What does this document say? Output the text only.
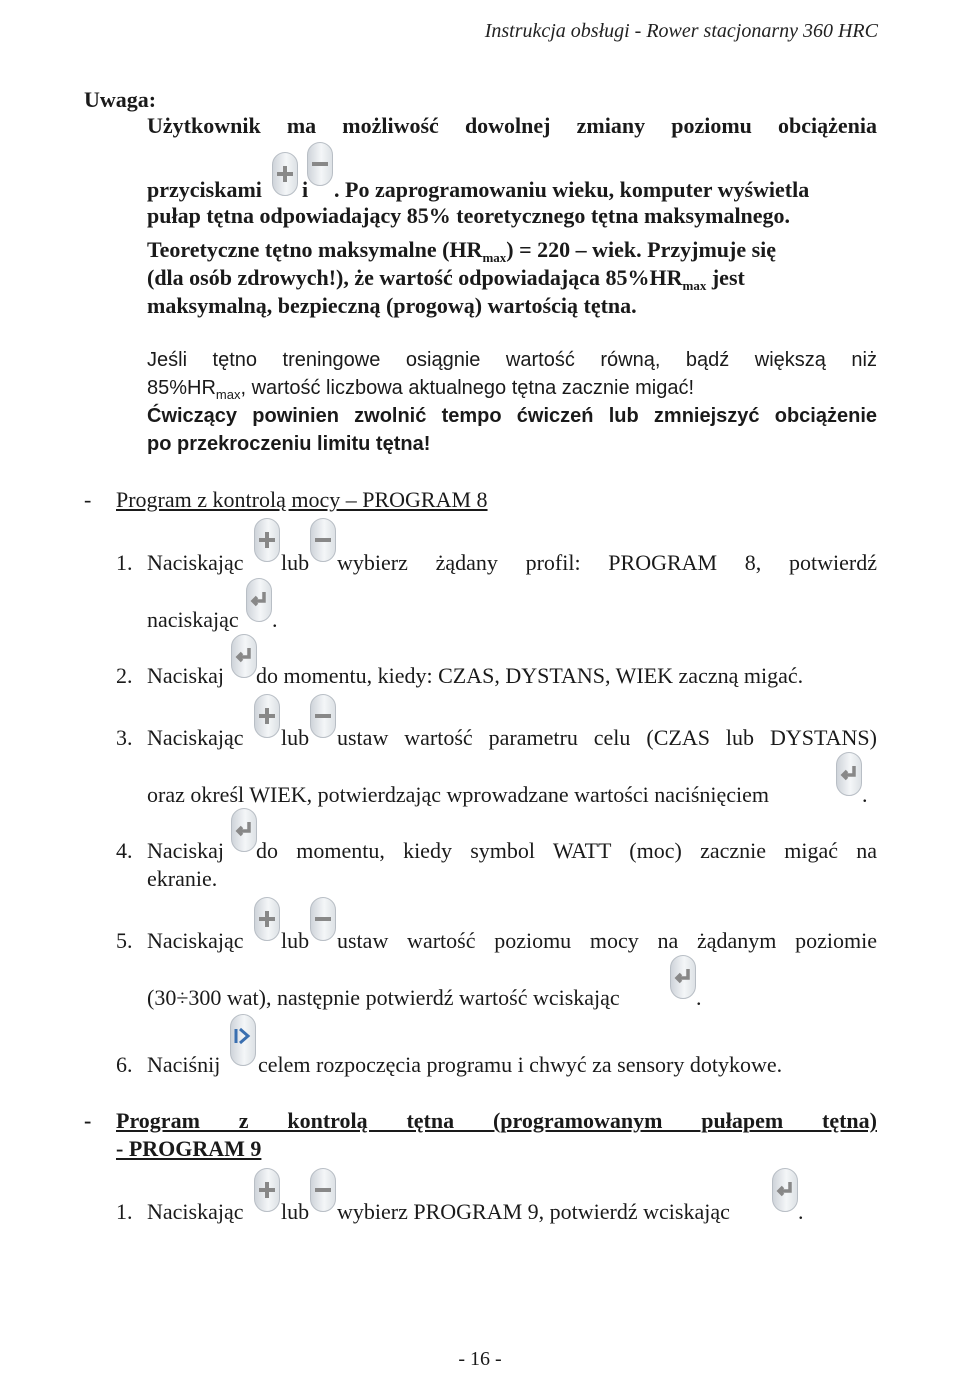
Instrukcja obsługi - Rower stacjonarny 360 HRC
Uwaga:
Użytkownik ma możliwość dowolnej zmiany poziomu obciążenia
przyciskami i . Po zaprogramowaniu wieku, komputer wyświetla
pułap tętna odpowiadający 85% teoretycznego tętna maksymalnego.
Teoretyczne tętno maksymalne $(HR_{max}) = 220$ – wiek. Przyjmuje się
(dla osób zdrowych!), że wartość odpowiadająca $85\%HR_{max}$ jest
maksymalną, bezpieczną (progową) wartością tętna.
Jeśli tętno treningowe osiągnie wartość równą, bądź większą niż
$85\%HR_{max}$, wartość liczbowa aktualnego tętna zacznie migać!
Ćwiczący powinien zwolnić tempo ćwiczeń lub zmniejszyć obciążenie
po przekroczeniu limitu tętna!
- Program z kontrolą mocy – PROGRAM 8
1. Naciskając lub wybierz żądany profil: PROGRAM 8, potwierdź
naciskając .
2. Naciskaj do momentu, kiedy: CZAS, DYSTANS, WIEK zaczną migać.
3. Naciskając lub ustaw wartość parametru celu (CZAS lub DYSTANS)
oraz określ WIEK, potwierdzając wprowadzane wartości naciśnięciem	.
4. Naciskaj do momentu, kiedy symbol WATT (moc) zacznie migać na
ekranie.
5. Naciskając lub ustaw wartość poziomu mocy na żądanym poziomie
(30÷300 wat), następnie potwierdź wartość wciskając	.
6. Naciśnij celem rozpoczęcia programu i chwyć za sensory dotykowe.
- Program z kontrolą tętna (programowanym pułapem tętna)
- PROGRAM 9
1. Naciskając lub wybierz PROGRAM 9, potwierdź wciskając	.
- 16 -
